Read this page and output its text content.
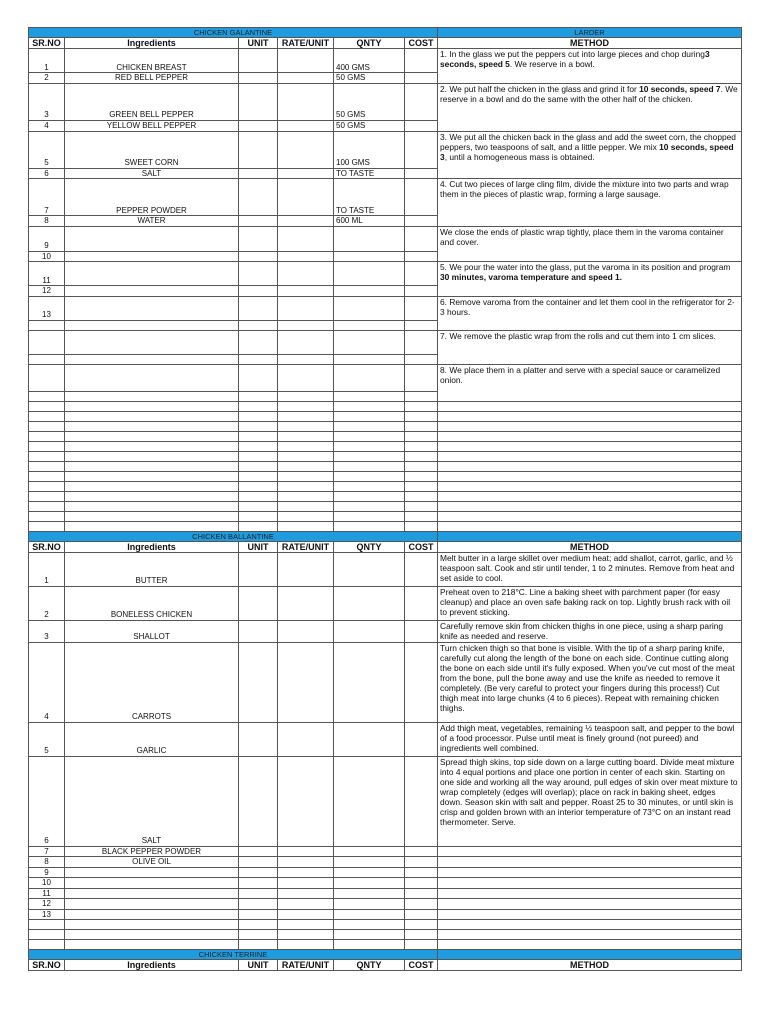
CHICKEN GALANTINE						LARDER
SR.NO	Ingredients	UNIT	RATE/UNIT	QNTY	COST	METHOD
1	CHICKEN BREAST			400 GMS		1. In the glass we put the peppers cut into large pieces and chop during3 seconds, speed 5. We reserve in a bowl.
2	RED BELL PEPPER			50 GMS		
3	GREEN BELL PEPPER			50 GMS		2. We put half the chicken in the glass and grind it for 10 seconds, speed 7. We reserve in a bowl and do the same with the other half of the chicken.
4	YELLOW BELL PEPPER			50 GMS		
5	SWEET CORN			100 GMS		3. We put all the chicken back in the glass and add the sweet corn, the chopped peppers, two teaspoons of salt, and a little pepper. We mix 10 seconds, speed 3, until a homogeneous mass is obtained.
6	SALT			TO TASTE		
7	PEPPER POWDER			TO TASTE		4. Cut two pieces of large cling film, divide the mixture into two parts and wrap them in the pieces of plastic wrap, forming a large sausage.
8	WATER			600 ML		
9						We close the ends of plastic wrap tightly, place them in the varoma container and cover.
10						
11						5. We pour the water into the glass, put the varoma in its position and program 30 minutes, varoma temperature and speed 1.
12						
13						6. Remove varoma from the container and let them cool in the refrigerator for 2-3 hours.

						7. We remove the plastic wrap from the rolls and cut them into 1 cm slices.

						8. We place them in a platter and serve with a special sauce or caramelized onion.

CHICKEN BALLANTINE						
SR.NO	Ingredients	UNIT	RATE/UNIT	QNTY	COST	METHOD
1	BUTTER					Melt butter in a large skillet over medium heat; add shallot, carrot, garlic, and ½ teaspoon salt. Cook and stir until tender, 1 to 2 minutes. Remove from heat and set aside to cool.
2	BONELESS CHICKEN					Preheat oven to 218°C. Line a baking sheet with parchment paper (for easy cleanup) and place an oven safe baking rack on top. Lightly brush rack with oil to prevent sticking.
3	SHALLOT					Carefully remove skin from chicken thighs in one piece, using a sharp paring knife as needed and reserve.
4	CARROTS					Turn chicken thigh so that bone is visible. With the tip of a sharp paring knife, carefully cut along the length of the bone on each side. Continue cutting along the bone on each side until it's fully exposed. When you've cut most of the meat from the bone, pull the bone away and use the knife as needed to remove it completely. (Be very careful to protect your fingers during this process!) Cut thigh meat into large chunks (4 to 6 pieces). Repeat with remaining chicken thighs.
5	GARLIC					Add thigh meat, vegetables, remaining ½ teaspoon salt, and pepper to the bowl of a food processor. Pulse until meat is finely ground (not pureed) and ingredients well combined.
6	SALT					Spread thigh skins, top side down on a large cutting board. Divide meat mixture into 4 equal portions and place one portion in center of each skin. Starting on one side and working all the way around, pull edges of skin over meat mixture to wrap completely (edges will overlap); place on rack in baking sheet, edges down. Season skin with salt and pepper. Roast 25 to 30 minutes, or until skin is crisp and golden brown with an interior temperature of 73°C on an instant read thermometer. Serve.
7	BLACK PEPPER POWDER					
8	OLIVE OIL					
9						
10						
11						
12						
13						

CHICKEN TERRINE						
SR.NO	Ingredients	UNIT	RATE/UNIT	QNTY	COST	METHOD
